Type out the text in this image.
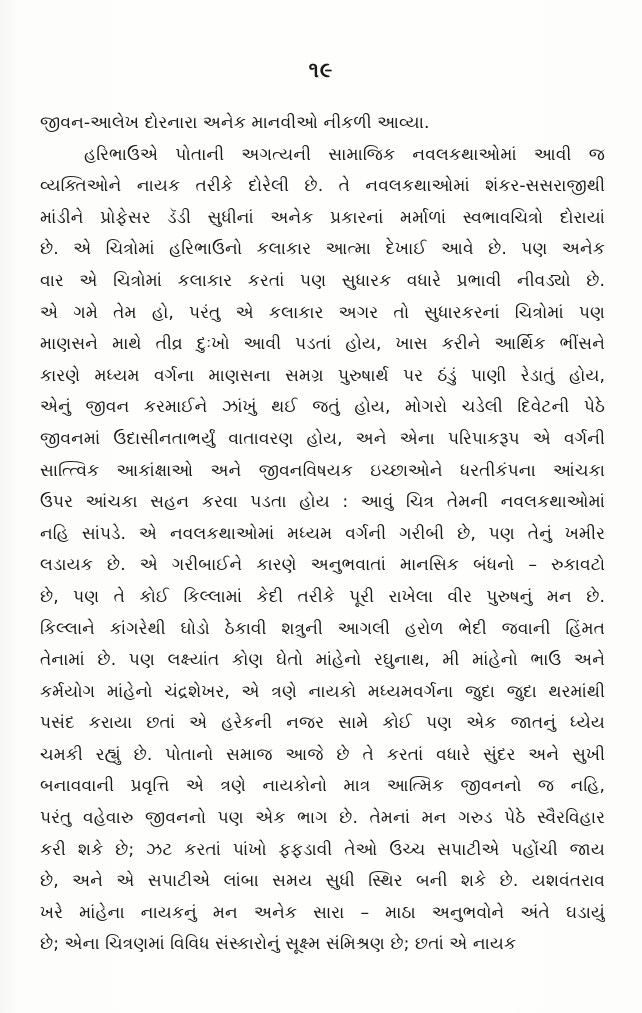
૧૯
જીવન-આલેખ દોરનારા અનેક માનવીઓ નીકળી આવ્યા.
હરિભાઉએ પોતાની અગત્યની સામાજિક નવલકથાઓમાં આવી જ
વ્યક્તિઓને નાયક તરીકે દોરેલી છે. તે નવલકથાઓમાં શંકર-સસરાજીથી
માંડીને પ્રોફેસર ડૅડી સુધીનાં અનેક પ્રકારનાં મર્માળાં સ્વભાવચિત્રો દોરાયાં
છે. એ ચિત્રોમાં હરિભાઉનો કલાકાર આત્મા દેખાઈ આવે છે. પણ અનેક
વાર એ ચિત્રોમાં કલાકાર કરતાં પણ સુધારક વધારે પ્રભાવી નીવડ્યો છે.
એ ગમે તેમ હો, પરંતુ એ કલાકાર અગર તો સુધારકરનાં ચિત્રોમાં પણ
માણસને માથે તીવ્ર દુઃખો આવી પડતાં હોય, ખાસ કરીને આર્થિક ભીંસને
કારણે મધ્યમ વર્ગના માણસના સમગ્ર પુરુષાર્થ પર ઠંડું પાણી રેડાતું હોય,
એનું જીવન કરમાઈને ઝાંખું થઈ જતું હોય, મોગરો ચડેલી દિવેટની પેઠે
જીવનમાં ઉદાસીનતાભર્યું વાતાવરણ હોય, અને એના પરિપાકરૂપ એ વર્ગની
સાત્ત્વિક આકાંક્ષાઓ અને જીવનવિષયક ઇચ્છાઓને ધરતીકંપના આંચકા
ઉપર આંચકા સહન કરવા પડતા હોય : આવું ચિત્ર તેમની નવલકથાઓમાં
નહિ સાંપડે. એ નવલકથાઓમાં મધ્યમ વર્ગની ગરીબી છે, પણ તેનું ખમીર
લડાયક છે. એ ગરીબાઈને કારણે અનુભવાતાં માનસિક બંધનો – રુકાવટો
છે, પણ તે કોઈ કિલ્લામાં કેદી તરીકે પૂરી રાખેલા વીર પુરુષનું મન છે.
કિલ્લાને કાંગરેથી ઘોડો ઠેકાવી શત્રુની આગલી હરોળ ભેદી જવાની હિંમત
તેનામાં છે. પણ લક્ષ્યાંત કોણ ઘેતો માંહેનો રઘુનાથ, મી માંહેનો ભાઉ અને
કર્મયોગ માંહેનો ચંદ્રશેખર, એ ત્રણે નાયકો મધ્યમવર્ગના જુદા જુદા થરમાંથી
પસંદ કરાયા છતાં એ હરેકની નજર સામે કોઈ પણ એક જાતનું ધ્યેય
ચમકી રહ્યું છે. પોતાનો સમાજ આજે છે તે કરતાં વધારે સુંદર અને સુખી
બનાવવાની પ્રવૃત્તિ એ ત્રણે નાયકોનો માત્ર આત્મિક જીવનનો જ નહિ,
પરંતુ વહેવારુ જીવનનો પણ એક ભાગ છે. તેમનાં મન ગરુડ પેઠે સ્વૈરવિહાર
કરી શકે છે; ઝટ કરતાં પાંખો ફફડાવી તેઓ ઉચ્ચ સપાટીએ પહોંચી જાય
છે, અને એ સપાટીએ લાંબા સમય સુધી સ્થિર બની શકે છે. યશવંતરાવ
ખરે માંહેના નાયકનું મન અનેક સારા – માઠા અનુભવોને અંતે ઘડાયું
છે; એના ચિત્રણમાં વિવિધ સંસ્કારોનું સૂક્ષ્મ સંમિશ્રણ છે; છતાં એ નાયક
